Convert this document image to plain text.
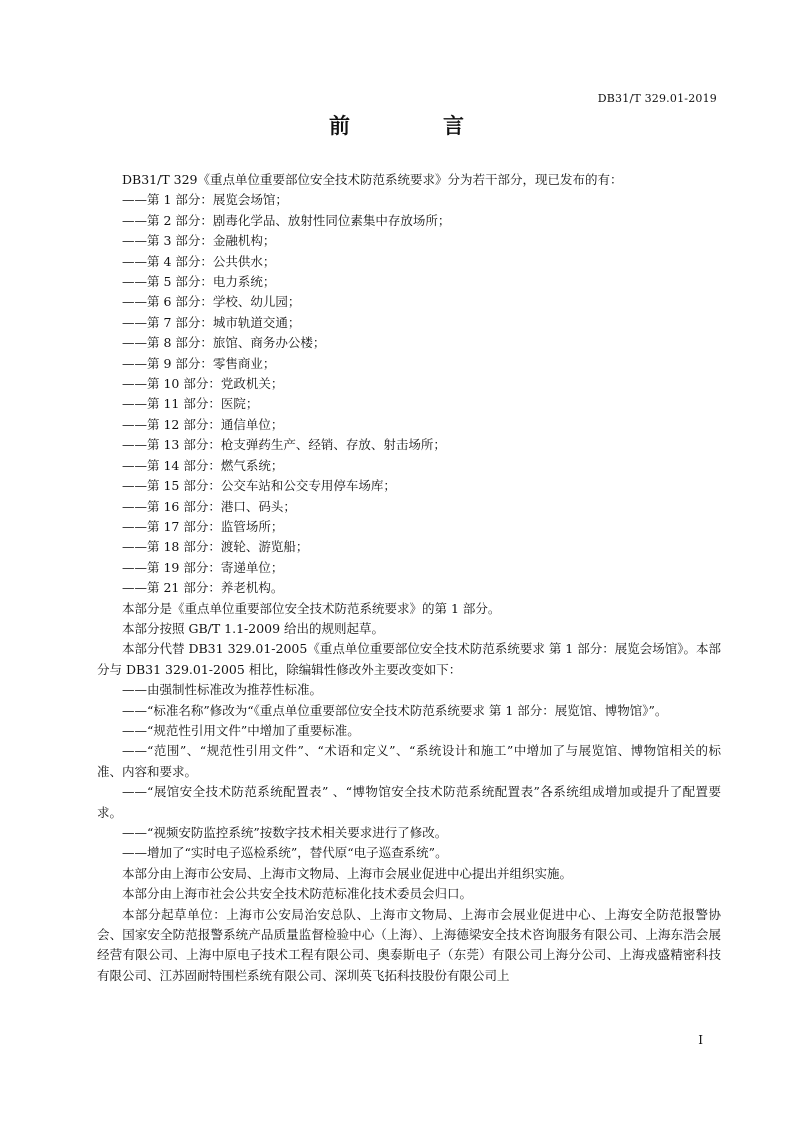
DB31/T 329.01-2019
前　言

DB31/T 329《重点单位重要部位安全技术防范系统要求》分为若干部分，现已发布的有：

——第 1 部分：展览会场馆；

——第 2 部分：剧毒化学品、放射性同位素集中存放场所；

——第 3 部分：金融机构；

——第 4 部分：公共供水；

——第 5 部分：电力系统；

——第 6 部分：学校、幼儿园；

——第 7 部分：城市轨道交通；

——第 8 部分：旅馆、商务办公楼；

——第 9 部分：零售商业；

——第 10 部分：党政机关；

——第 11 部分：医院；

——第 12 部分：通信单位；

——第 13 部分：枪支弹药生产、经销、存放、射击场所；

——第 14 部分：燃气系统；

——第 15 部分：公交车站和公交专用停车场库；

——第 16 部分：港口、码头；

——第 17 部分：监管场所；

——第 18 部分：渡轮、游览船；

——第 19 部分：寄递单位；

——第 21 部分：养老机构。

本部分是《重点单位重要部位安全技术防范系统要求》的第 1 部分。

本部分按照 GB/T 1.1-2009 给出的规则起草。

本部分代替 DB31 329.01-2005《重点单位重要部位安全技术防范系统要求 第 1 部分：展览会场馆》。本部分与 DB31 329.01-2005 相比，除编辑性修改外主要改变如下：

——由强制性标准改为推荐性标准。

——“标准名称”修改为“《重点单位重要部位安全技术防范系统要求 第 1 部分：展览馆、博物馆》”。

——“规范性引用文件”中增加了重要标准。

——“范围”、“规范性引用文件”、“术语和定义”、“系统设计和施工”中增加了与展览馆、博物馆相关的标准、内容和要求。

——“展馆安全技术防范系统配置表” 、“博物馆安全技术防范系统配置表”各系统组成增加或提升了配置要求。

——“视频安防监控系统”按数字技术相关要求进行了修改。

——增加了“实时电子巡检系统”，替代原“电子巡查系统”。

本部分由上海市公安局、上海市文物局、上海市会展业促进中心提出并组织实施。

本部分由上海市社会公共安全技术防范标准化技术委员会归口。

本部分起草单位：上海市公安局治安总队、上海市文物局、上海市会展业促进中心、上海安全防范报警协会、国家安全防范报警系统产品质量监督检验中心（上海）、上海德梁安全技术咨询服务有限公司、上海东浩会展经营有限公司、上海中原电子技术工程有限公司、奥泰斯电子（东莞）有限公司上海分公司、上海戎盛精密科技有限公司、江苏固耐特围栏系统有限公司、深圳英飞拓科技股份有限公司上

I
